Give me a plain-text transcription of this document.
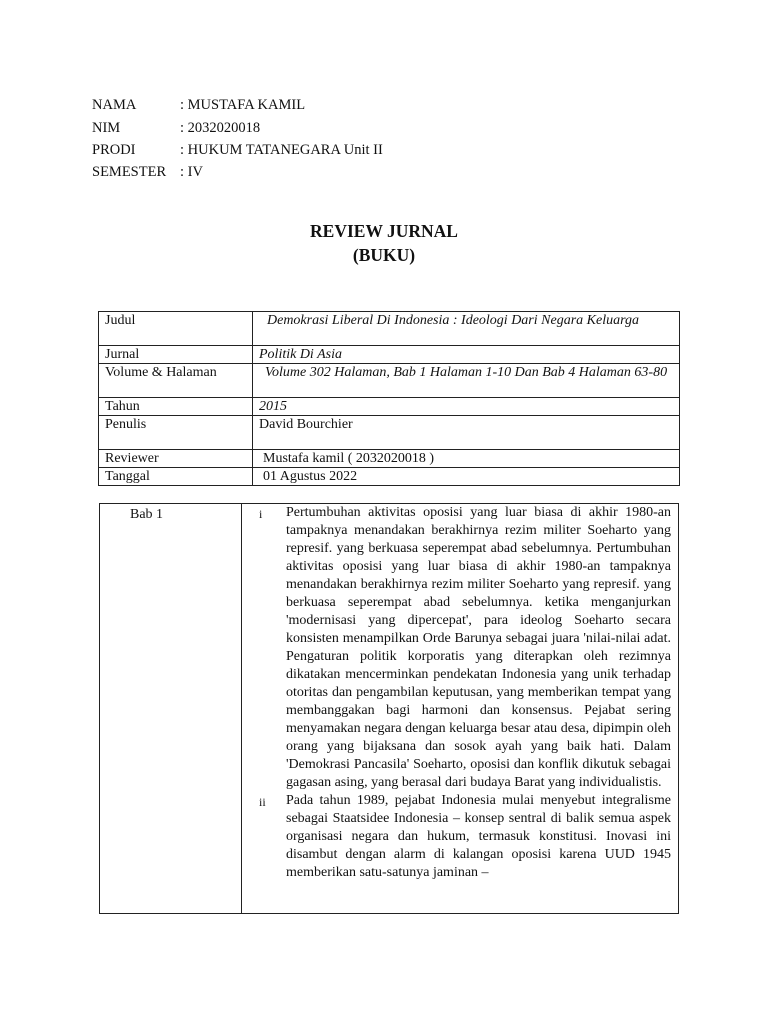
NAMA	: MUSTAFA KAMIL
NIM	: 2032020018
PRODI	: HUKUM TATANEGARA Unit II
SEMESTER : IV
REVIEW JURNAL
(BUKU)
Judul	Demokrasi Liberal Di Indonesia : Ideologi Dari Negara Keluarga
Jurnal	Politik Di Asia
Volume & Halaman	Volume 302 Halaman, Bab 1 Halaman 1-10 Dan Bab 4 Halaman 63-80
Tahun	2015
Penulis	David Bourchier
Reviewer	Mustafa kamil ( 2032020018 )
Tanggal	01 Agustus 2022
Bab 1	i	Pertumbuhan aktivitas oposisi yang luar biasa di akhir 1980-an tampaknya menandakan berakhirnya rezim militer Soeharto yang represif. yang berkuasa seperempat abad sebelumnya. Pertumbuhan aktivitas oposisi yang luar biasa di akhir 1980-an tampaknya menandakan berakhirnya rezim militer Soeharto yang represif. yang berkuasa seperempat abad sebelumnya. ketika menganjurkan 'modernisasi yang dipercepat', para ideolog Soeharto secara konsisten menampilkan Orde Barunya sebagai juara 'nilai-nilai adat. Pengaturan politik korporatis yang diterapkan oleh rezimnya dikatakan mencerminkan pendekatan Indonesia yang unik terhadap otoritas dan pengambilan keputusan, yang memberikan tempat yang membanggakan bagi harmoni dan konsensus. Pejabat sering menyamakan negara dengan keluarga besar atau desa, dipimpin oleh orang yang bijaksana dan sosok ayah yang baik hati. Dalam 'Demokrasi Pancasila' Soeharto, oposisi dan konflik dikutuk sebagai gagasan asing, yang berasal dari budaya Barat yang individualistis.
ii	Pada tahun 1989, pejabat Indonesia mulai menyebut integralisme sebagai Staatsidee Indonesia – konsep sentral di balik semua aspek organisasi negara dan hukum, termasuk konstitusi. Inovasi ini disambut dengan alarm di kalangan oposisi karena UUD 1945 memberikan satu-satunya jaminan –
